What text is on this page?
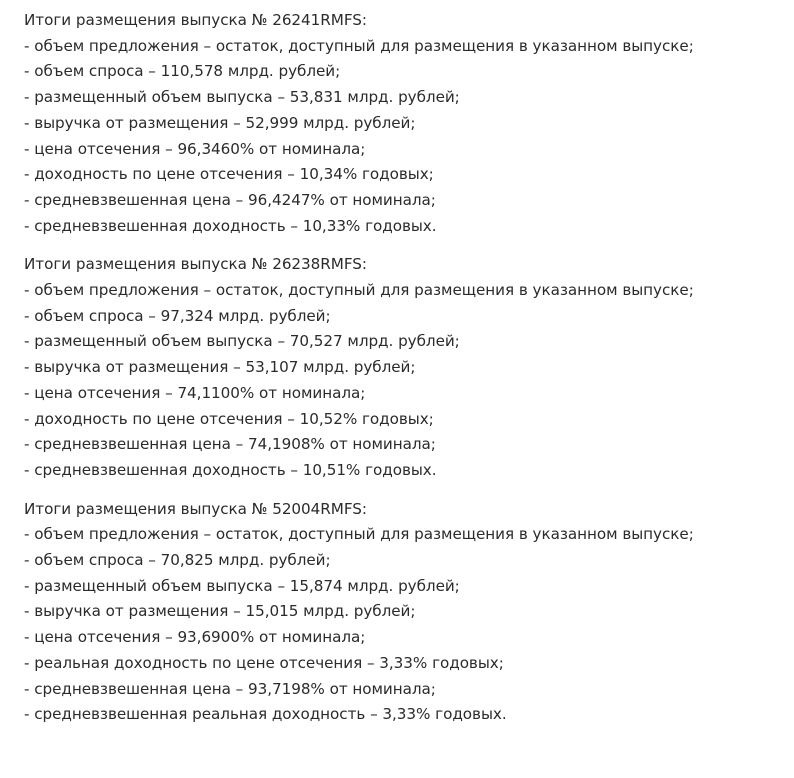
Итоги размещения выпуска № 26241RMFS:
- объем предложения – остаток, доступный для размещения в указанном выпуске;
- объем спроса – 110,578 млрд. рублей;
- размещенный объем выпуска – 53,831 млрд. рублей;
- выручка от размещения – 52,999 млрд. рублей;
- цена отсечения – 96,3460% от номинала;
- доходность по цене отсечения – 10,34% годовых;
- средневзвешенная цена – 96,4247% от номинала;
- средневзвешенная доходность – 10,33% годовых.
Итоги размещения выпуска № 26238RMFS:
- объем предложения – остаток, доступный для размещения в указанном выпуске;
- объем спроса – 97,324 млрд. рублей;
- размещенный объем выпуска – 70,527 млрд. рублей;
- выручка от размещения – 53,107 млрд. рублей;
- цена отсечения – 74,1100% от номинала;
- доходность по цене отсечения – 10,52% годовых;
- средневзвешенная цена – 74,1908% от номинала;
- средневзвешенная доходность – 10,51% годовых.
Итоги размещения выпуска № 52004RMFS:
- объем предложения – остаток, доступный для размещения в указанном выпуске;
- объем спроса – 70,825 млрд. рублей;
- размещенный объем выпуска – 15,874 млрд. рублей;
- выручка от размещения – 15,015 млрд. рублей;
- цена отсечения – 93,6900% от номинала;
- реальная доходность по цене отсечения – 3,33% годовых;
- средневзвешенная цена – 93,7198% от номинала;
- средневзвешенная реальная доходность – 3,33% годовых.
